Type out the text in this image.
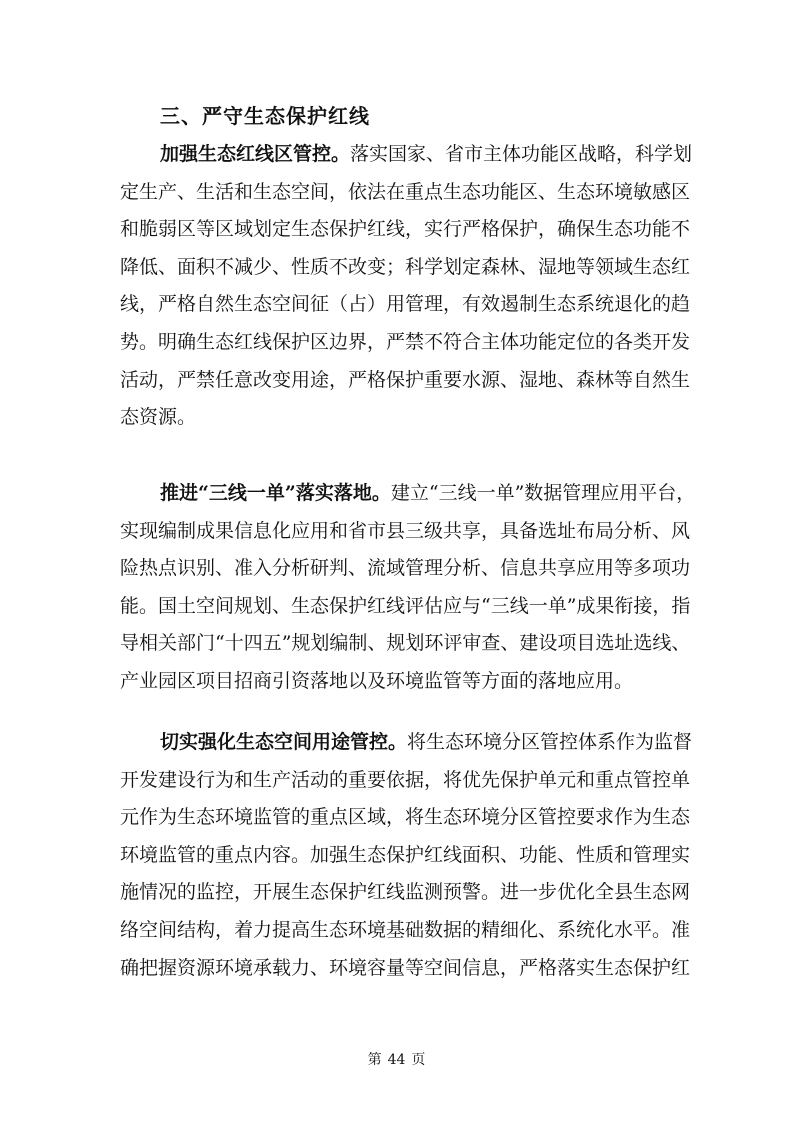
三、严守生态保护红线
加强生态红线区管控。落实国家、省市主体功能区战略，科学划
定生产、生活和生态空间，依法在重点生态功能区、生态环境敏感区
和脆弱区等区域划定生态保护红线，实行严格保护，确保生态功能不
降低、面积不减少、性质不改变；科学划定森林、湿地等领域生态红
线，严格自然生态空间征（占）用管理，有效遏制生态系统退化的趋
势。明确生态红线保护区边界，严禁不符合主体功能定位的各类开发
活动，严禁任意改变用途，严格保护重要水源、湿地、森林等自然生
态资源。
推进“三线一单”落实落地。建立“三线一单”数据管理应用平台，
实现编制成果信息化应用和省市县三级共享，具备选址布局分析、风
险热点识别、准入分析研判、流域管理分析、信息共享应用等多项功
能。国土空间规划、生态保护红线评估应与“三线一单”成果衔接，指
导相关部门“十四五”规划编制、规划环评审查、建设项目选址选线、
产业园区项目招商引资落地以及环境监管等方面的落地应用。
切实强化生态空间用途管控。将生态环境分区管控体系作为监督
开发建设行为和生产活动的重要依据，将优先保护单元和重点管控单
元作为生态环境监管的重点区域，将生态环境分区管控要求作为生态
环境监管的重点内容。加强生态保护红线面积、功能、性质和管理实
施情况的监控，开展生态保护红线监测预警。进一步优化全县生态网
络空间结构，着力提高生态环境基础数据的精细化、系统化水平。准
确把握资源环境承载力、环境容量等空间信息，严格落实生态保护红
第 44 页
